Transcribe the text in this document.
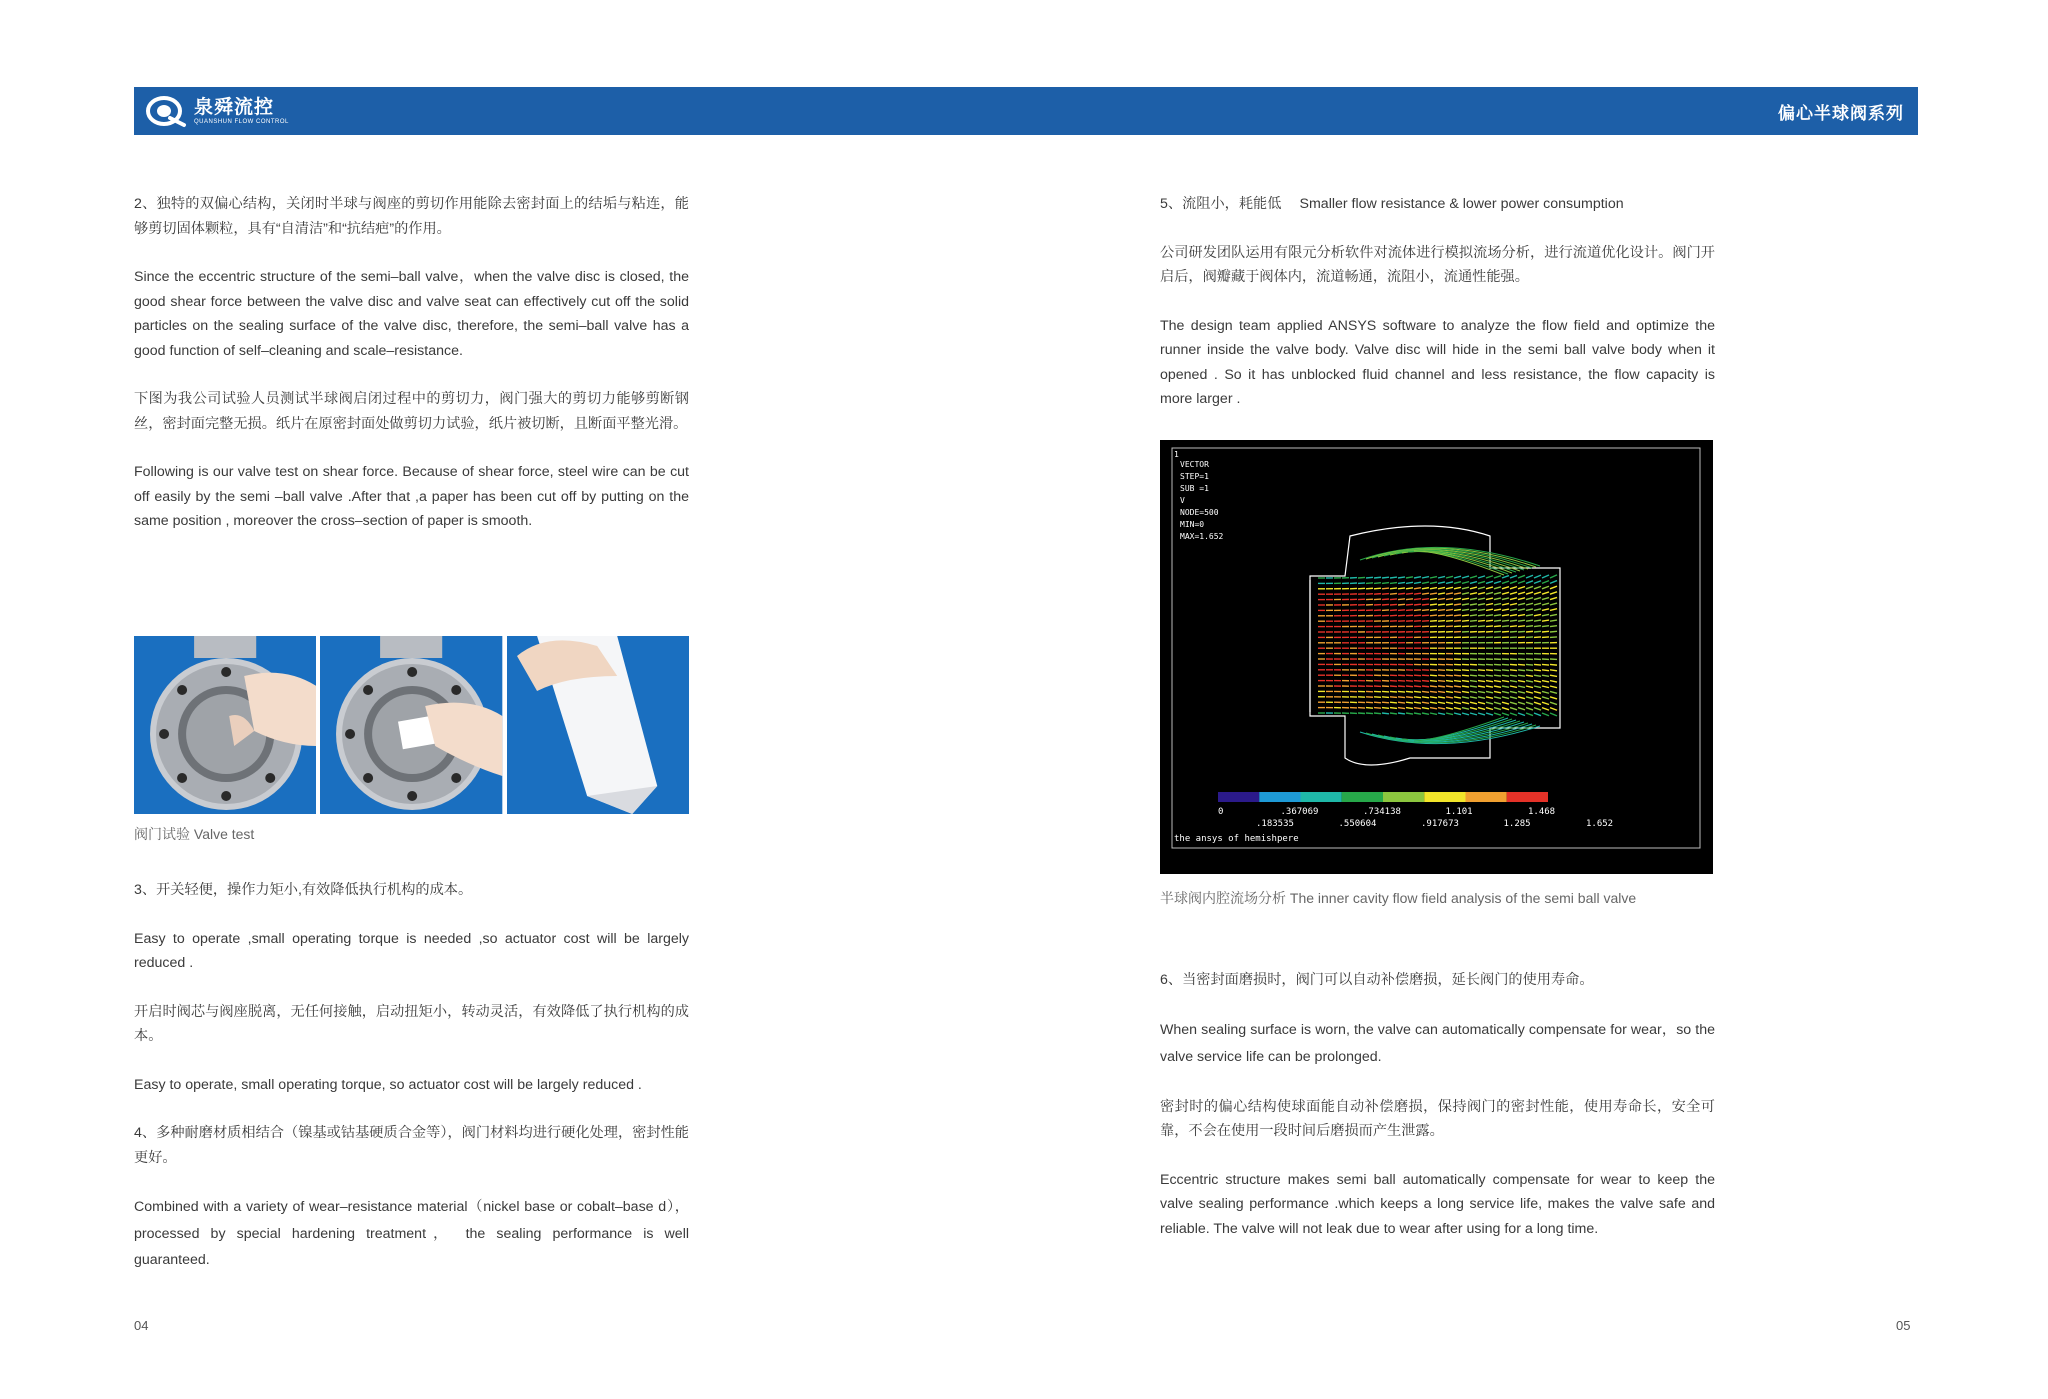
泉舜流控
QUANSHUN FLOW CONTROL	偏心半球阀系列

2、独特的双偏心结构，关闭时半球与阀座的剪切作用能除去密封面上的结垢与粘连，能够剪切固体颗粒，具有“自清洁”和“抗结疤”的作用。

Since the eccentric structure of the semi–ball valve，when the valve disc is closed, the good shear force between the valve disc and valve seat can effectively cut off the solid particles on the sealing surface of the valve disc, therefore, the semi–ball valve has a good function of self–cleaning and scale–resistance.

下图为我公司试验人员测试半球阀启闭过程中的剪切力，阀门强大的剪切力能够剪断钢丝，密封面完整无损。纸片在原密封面处做剪切力试验，纸片被切断，且断面平整光滑。

Following is our valve test on shear force. Because of shear force, steel wire can be cut off easily by the semi –ball valve .After that ,a paper has been cut off by putting on the same position , moreover the cross–section of paper is smooth.

阀门试验 Valve test

3、开关轻便，操作力矩小,有效降低执行机构的成本。

Easy to operate ,small operating torque is needed ,so actuator cost will be largely reduced .

开启时阀芯与阀座脱离，无任何接触，启动扭矩小，转动灵活，有效降低了执行机构的成本。

Easy to operate, small operating torque, so actuator cost will be largely reduced .

4、多种耐磨材质相结合（镍基或钴基硬质合金等），阀门材料均进行硬化处理，密封性能更好。

Combined with a variety of wear–resistance material（nickel base or cobalt–base d），processed by special hardening treatment， the sealing performance is well guaranteed.

5、流阻小，耗能低　 Smaller flow resistance & lower power consumption

公司研发团队运用有限元分析软件对流体进行模拟流场分析，进行流道优化设计。阀门开启后，阀瓣藏于阀体内，流道畅通，流阻小，流通性能强。

The design team applied ANSYS software to analyze the flow field and optimize the runner inside the valve body. Valve disc will hide in the semi ball valve body when it opened . So it has unblocked fluid channel and less resistance, the flow capacity is more larger .

1
VECTOR
STEP=1
SUB =1
V
NODE=500
MIN=0
MAX=1.652
0	.367069	.734138	1.101	1.468
.183535	.550604	.917673	1.285	1.652
the ansys of hemishpere
半球阀内腔流场分析 The inner cavity flow field analysis of the semi ball valve

6、当密封面磨损时，阀门可以自动补偿磨损，延长阀门的使用寿命。

When sealing surface is worn, the valve can automatically compensate for wear，so the valve service life can be prolonged.

密封时的偏心结构使球面能自动补偿磨损，保持阀门的密封性能，使用寿命长，安全可靠，不会在使用一段时间后磨损而产生泄露。

Eccentric structure makes semi ball automatically compensate for wear to keep the valve sealing performance .which keeps a long service life, makes the valve safe and reliable. The valve will not leak due to wear after using for a long time.

04	05
